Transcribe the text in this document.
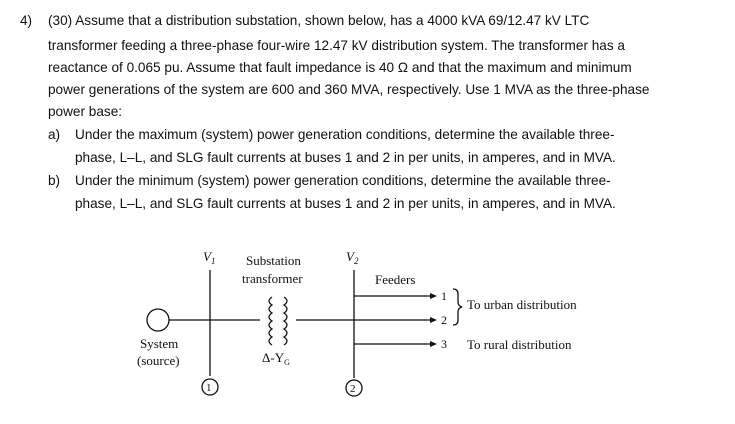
4) (30) Assume that a distribution substation, shown below, has a 4000 kVA 69/12.47 kV LTC
transformer feeding a three-phase four-wire 12.47 kV distribution system. The transformer has a
reactance of 0.065 pu. Assume that fault impedance is 40 Ω and that the maximum and minimum
power generations of the system are 600 and 360 MVA, respectively. Use 1 MVA as the three-phase
power base:
a) Under the maximum (system) power generation conditions, determine the available three-
phase, L–L, and SLG fault currents at buses 1 and 2 in per units, in amperes, and in MVA.
b) Under the minimum (system) power generation conditions, determine the available three-
phase, L–L, and SLG fault currents at buses 1 and 2 in per units, in amperes, and in MVA.
$V_1$	$V_2$
Substation
transformer	Feeders
1
2
3
To urban distribution
To rural distribution
System
(source)	$\Delta-Y_G$
1	2
